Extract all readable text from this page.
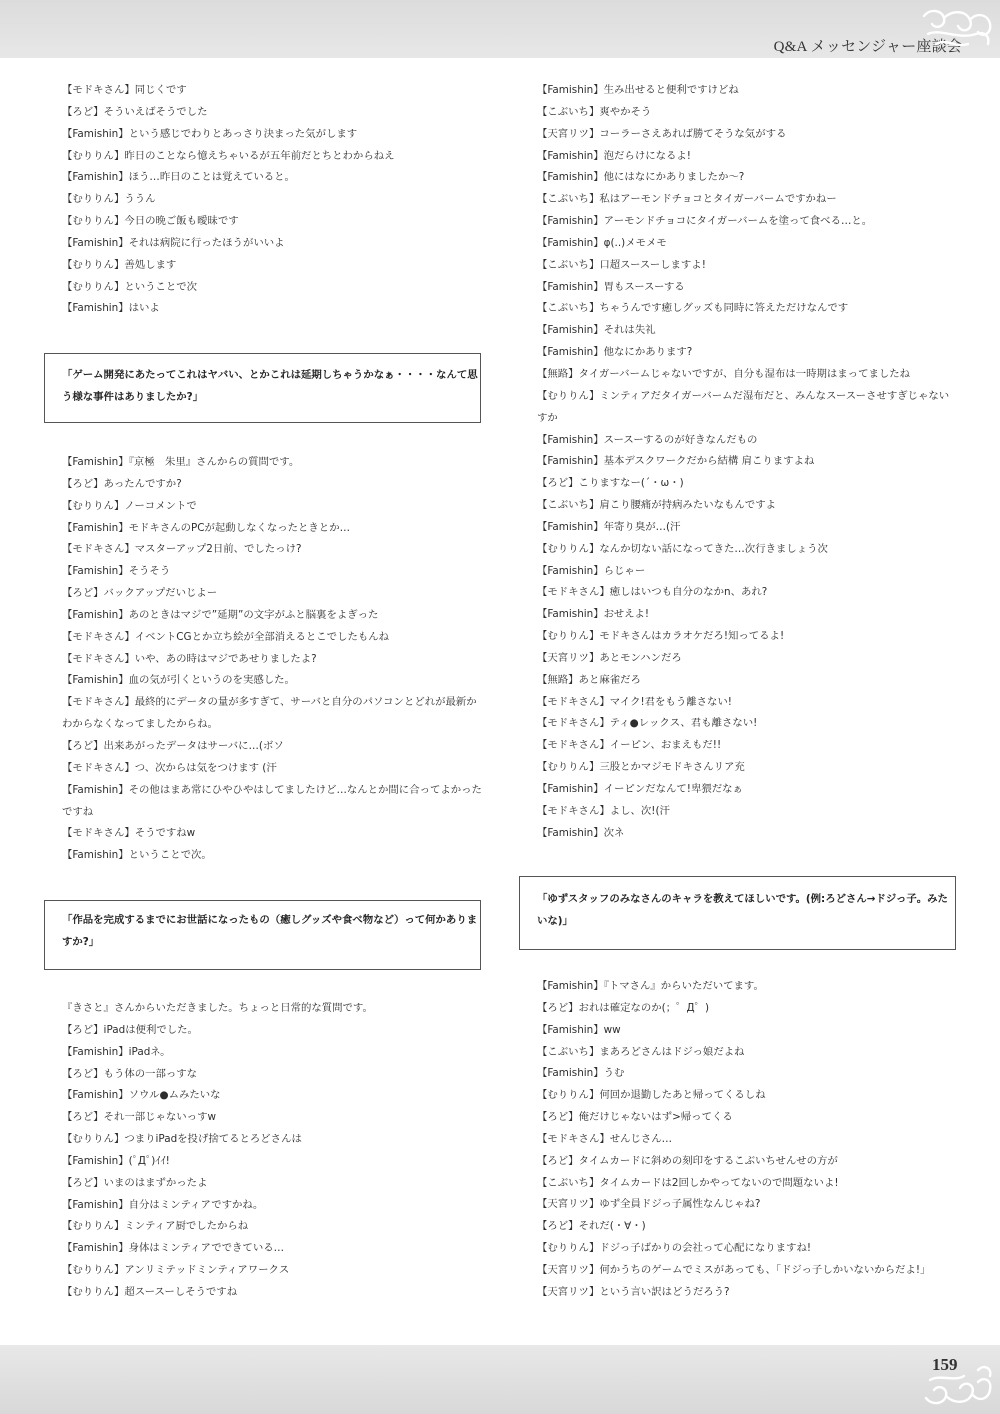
Q&A メッセンジャー座談会
【モドキさん】同じくです
【ろど】そういえばそうでした
【Famishin】という感じでわりとあっさり決まった気がします
【むりりん】昨日のことなら憶えちゃいるが五年前だとちとわからねえ
【Famishin】ほう…昨日のことは覚えていると。
【むりりん】ううん
【むりりん】今日の晩ご飯も曖昧です
【Famishin】それは病院に行ったほうがいいよ
【むりりん】善処します
【むりりん】ということで次
【Famishin】はいよ
「ゲーム開発にあたってこれはヤバい、とかこれは延期しちゃうかなぁ・・・・なんて思
う様な事件はありましたか?」
【Famishin】『京極　朱里』さんからの質問です。
【ろど】あったんですか?
【むりりん】ノーコメントで
【Famishin】モドキさんのPCが起動しなくなったときとか…
【モドキさん】マスターアップ2日前、でしたっけ?
【Famishin】そうそう
【ろど】バックアップだいじよー
【Famishin】あのときはマジで”延期”の文字がふと脳裏をよぎった
【モドキさん】イベントCGとか立ち絵が全部消えるとこでしたもんね
【モドキさん】いや、あの時はマジであせりましたよ?
【Famishin】血の気が引くというのを実感した。
【モドキさん】最終的にデータの量が多すぎて、サーバと自分のパソコンとどれが最新か
わからなくなってましたからね。
【ろど】出来あがったデータはサーバに…(ボソ
【モドキさん】つ、次からは気をつけます (汗
【Famishin】その他はまあ常にひやひやはしてましたけど…なんとか間に合ってよかった
ですね
【モドキさん】そうですねw
【Famishin】ということで次。
「作品を完成するまでにお世話になったもの（癒しグッズや食べ物など）って何かありま
すか?」
『きさと』さんからいただきました。ちょっと日常的な質問です。
【ろど】iPadは便利でした。
【Famishin】iPadネ。
【ろど】もう体の一部っすな
【Famishin】ソウル●ムみたいな
【ろど】それ一部じゃないっすw
【むりりん】つまりiPadを投げ捨てるとろどさんは
【Famishin】(ﾟДﾟ)ｲｲ!
【ろど】いまのはまずかったよ
【Famishin】自分はミンティアですかね。
【むりりん】ミンティア厨でしたからね
【Famishin】身体はミンティアでできている…
【むりりん】アンリミテッドミンティアワークス
【むりりん】超スースーしそうですね
【Famishin】生み出せると便利ですけどね
【こぶいち】爽やかそう
【天宮リツ】コーラーさえあれば勝てそうな気がする
【Famishin】泡だらけになるよ!
【Famishin】他にはなにかありましたか～?
【こぶいち】私はアーモンドチョコとタイガーバームですかねー
【Famishin】アーモンドチョコにタイガーバームを塗って食べる…と。
【Famishin】φ(..)メモメモ
【こぶいち】口超スースーしますよ!
【Famishin】胃もスースーする
【こぶいち】ちゃうんです癒しグッズも同時に答えただけなんです
【Famishin】それは失礼
【Famishin】他なにかあります?
【無路】タイガーバームじゃないですが、自分も湿布は一時期はまってましたね
【むりりん】ミンティアだタイガーバームだ湿布だと、みんなスースーさせすぎじゃない
すか
【Famishin】スースーするのが好きなんだもの
【Famishin】基本デスクワークだから結構 肩こりますよね
【ろど】こりますなー(´・ω・)
【こぶいち】肩こり腰痛が持病みたいなもんですよ
【Famishin】年寄り臭が…(汗
【むりりん】なんか切ない話になってきた…次行きましょう次
【Famishin】らじゃー
【モドキさん】癒しはいつも自分のなかn、あれ?
【Famishin】おせえよ!
【むりりん】モドキさんはカラオケだろ!知ってるよ!
【天宮リツ】あとモンハンだろ
【無路】あと麻雀だろ
【モドキさん】マイク!君をもう離さない!
【モドキさん】ティ●レックス、君も離さない!
【モドキさん】イーピン、おまえもだ!!
【むりりん】三股とかマジモドキさんリア充
【Famishin】イーピンだなんて!卑猥だなぁ
【モドキさん】よし、次!(汗
【Famishin】次ネ
「ゆずスタッフのみなさんのキャラを教えてほしいです。(例:ろどさん→ドジっ子。みた
いな)」
【Famishin】『トマさん』からいただいてます。
【ろど】おれは確定なのか(；゜Д゜)
【Famishin】ww
【こぶいち】まあろどさんはドジっ娘だよね
【Famishin】うむ
【むりりん】何回か退勤したあと帰ってくるしね
【ろど】俺だけじゃないはず>帰ってくる
【モドキさん】せんじさん…
【ろど】タイムカードに斜めの刻印をするこぶいちせんせの方が
【こぶいち】タイムカードは2回しかやってないので問題ないよ!
【天宮リツ】ゆず全員ドジっ子属性なんじゃね?
【ろど】それだ(・∀・)
【むりりん】ドジっ子ばかりの会社って心配になりますね!
【天宮リツ】何かうちのゲームでミスがあっても、「ドジっ子しかいないからだよ!」
【天宮リツ】という言い訳はどうだろう?
159
